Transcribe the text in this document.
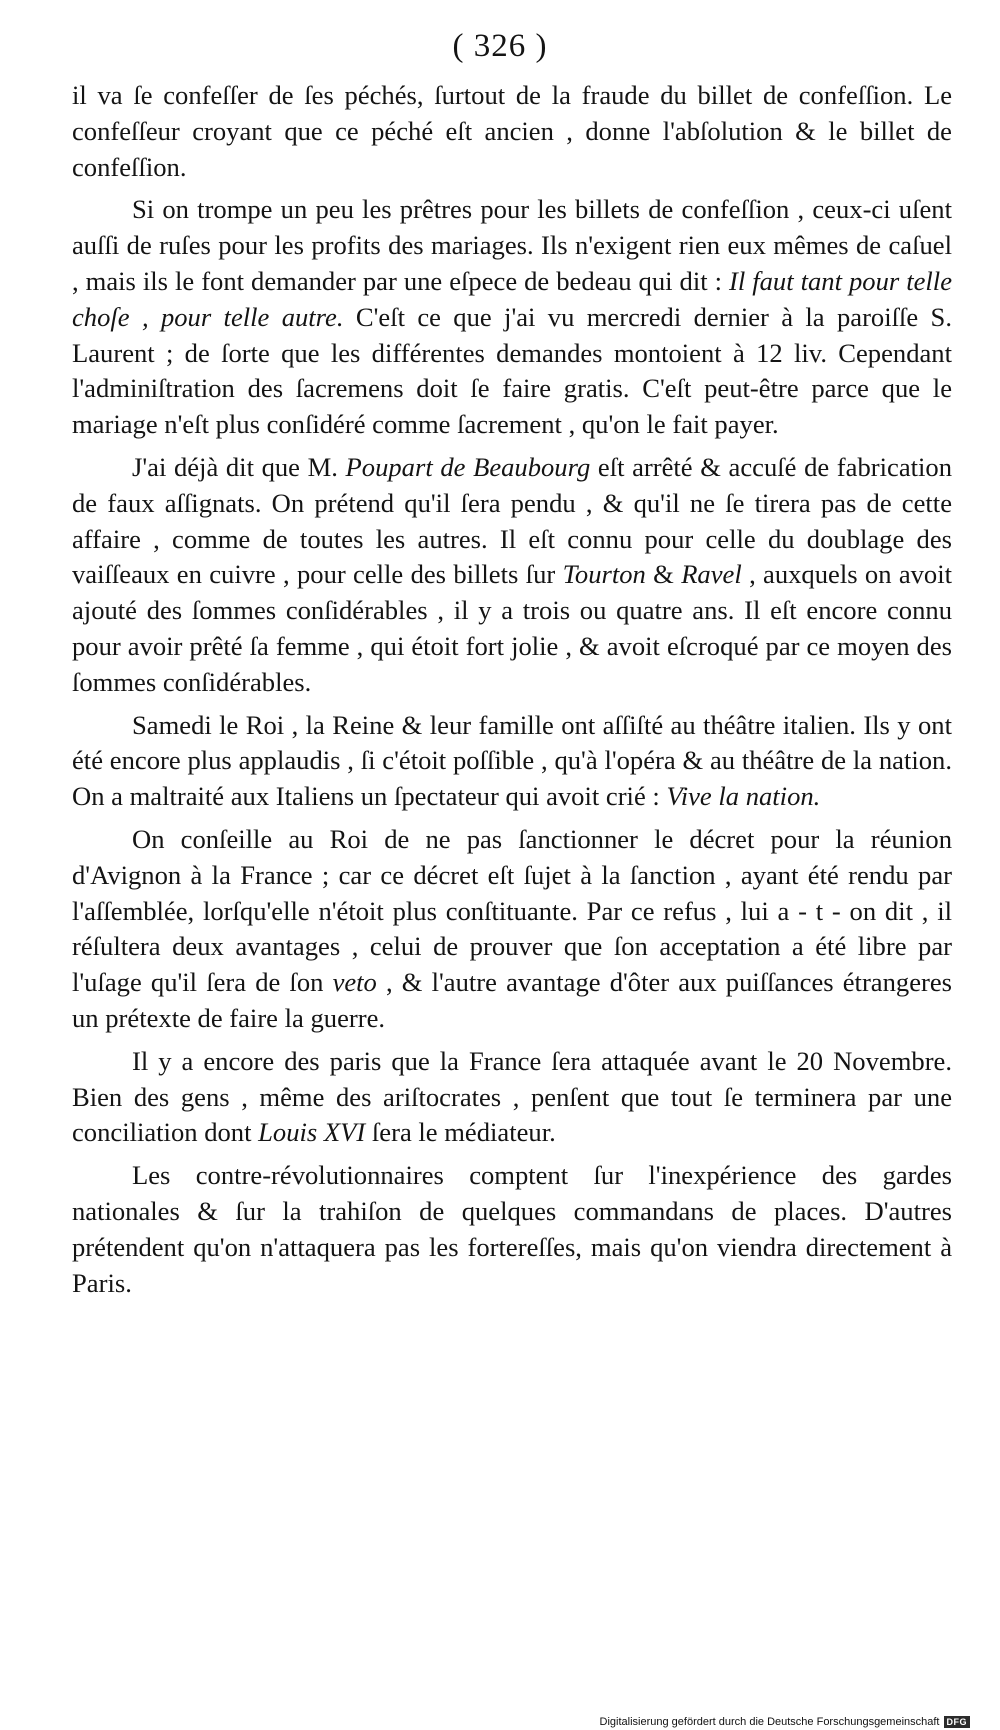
( 326 )

il va ſe confeſſer de ſes péchés, ſurtout de la fraude du billet de confeſſion. Le confeſſeur croyant que ce péché eſt ancien , donne l'abſolution & le billet de confeſſion.

Si on trompe un peu les prêtres pour les billets de confeſſion , ceux-ci uſent auſſi de ruſes pour les profits des mariages. Ils n'exigent rien eux mêmes de caſuel , mais ils le font demander par une eſpece de bedeau qui dit : Il faut tant pour telle choſe , pour telle autre. C'eſt ce que j'ai vu mercredi dernier à la paroiſſe S. Laurent ; de ſorte que les différentes demandes montoient à 12 liv. Cependant l'adminiſtration des ſacremens doit ſe faire gratis. C'eſt peut-être parce que le mariage n'eſt plus conſidéré comme ſacrement , qu'on le fait payer.

J'ai déjà dit que M. Poupart de Beaubourg eſt arrêté & accuſé de fabrication de faux aſſignats. On prétend qu'il ſera pendu , & qu'il ne ſe tirera pas de cette affaire , comme de toutes les autres. Il eſt connu pour celle du doublage des vaiſſeaux en cuivre , pour celle des billets ſur Tourton & Ravel , auxquels on avoit ajouté des ſommes conſidérables , il y a trois ou quatre ans. Il eſt encore connu pour avoir prêté ſa femme , qui étoit fort jolie , & avoit eſcroqué par ce moyen des ſommes conſidérables.

Samedi le Roi , la Reine & leur famille ont aſſiſté au théâtre italien. Ils y ont été encore plus applaudis , ſi c'étoit poſſible , qu'à l'opéra & au théâtre de la nation. On a maltraité aux Italiens un ſpectateur qui avoit crié : Vive la nation.

On conſeille au Roi de ne pas ſanctionner le décret pour la réunion d'Avignon à la France ; car ce décret eſt ſujet à la ſanction , ayant été rendu par l'aſſemblée, lorſqu'elle n'étoit plus conſtituante. Par ce refus , lui a - t - on dit , il réſultera deux avantages , celui de prouver que ſon acceptation a été libre par l'uſage qu'il ſera de ſon veto , & l'autre avantage d'ôter aux puiſſances étrangeres un prétexte de faire la guerre.

Il y a encore des paris que la France ſera attaquée avant le 20 Novembre. Bien des gens , même des ariſtocrates , penſent que tout ſe terminera par une conciliation dont Louis XVI ſera le médiateur.

Les contre-révolutionnaires comptent ſur l'inexpérience des gardes nationales & ſur la trahiſon de quelques commandans de places. D'autres prétendent qu'on n'attaquera pas les fortereſſes, mais qu'on viendra directement à Paris.

Digitalisierung gefördert durch die Deutsche Forschungsgemeinschaft DFG
